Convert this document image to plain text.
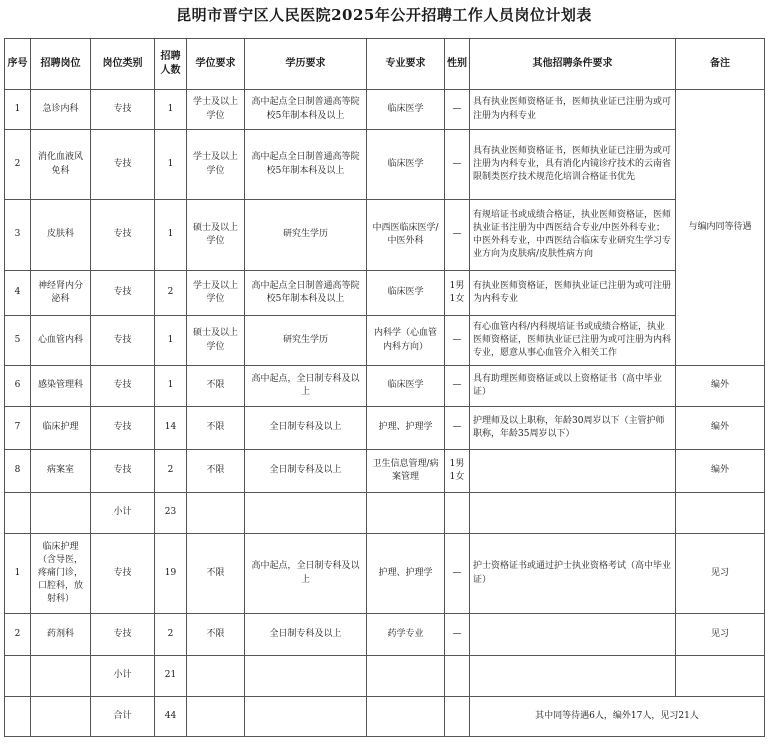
昆明市晋宁区人民医院2025年公开招聘工作人员岗位计划表
序号	招聘岗位	岗位类别	招聘人数	学位要求	学历要求	专业要求	性别	其他招聘条件要求	备注
1	急诊内科	专技	1	学士及以上学位	高中起点全日制普通高等院校5年制本科及以上	临床医学	—	具有执业医师资格证书，医师执业证已注册为或可注册为内科专业	与编内同等待遇
2	消化血液风免科	专技	1	学士及以上学位	高中起点全日制普通高等院校5年制本科及以上	临床医学	—	具有执业医师资格证书，医师执业证已注册为或可注册为内科专业，具有消化内镜诊疗技术的云南省限制类医疗技术规范化培训合格证书优先	
3	皮肤科	专技	1	硕士及以上学位	研究生学历	中西医临床医学/中医外科	—	有规培证书或成绩合格证，执业医师资格证，医师执业证书注册为中西医结合专业/中医外科专业；中医外科专业，中西医结合临床专业研究生学习专业方向为皮肤病/皮肤性病方向	
4	神经肾内分泌科	专技	2	学士及以上学位	高中起点全日制普通高等院校5年制本科及以上	临床医学	1男1女	有执业医师资格证，医师执业证已注册为或可注册为内科专业	
5	心血管内科	专技	1	硕士及以上学位	研究生学历	内科学（心血管内科方向）	—	有心血管内科/内科规培证书或成绩合格证，执业医师资格证，医师执业证已注册为或可注册为内科专业，愿意从事心血管介入相关工作	
6	感染管理科	专技	1	不限	高中起点，全日制专科及以上	临床医学	—	具有助理医师资格证或以上资格证书（高中毕业证）	编外
7	临床护理	专技	14	不限	全日制专科及以上	护理、护理学	—	护理师及以上职称，年龄30周岁以下（主管护师职称，年龄35周岁以下）	编外
8	病案室	专技	2	不限	全日制专科及以上	卫生信息管理/病案管理	1男1女		编外
		小计	23						
1	临床护理（含导医，疼痛门诊，口腔科，放射科）	专技	19	不限	高中起点，全日制专科及以上	护理、护理学	—	护士资格证书或通过护士执业资格考试（高中毕业证）	见习
2	药剂科	专技	2	不限	全日制专科及以上	药学专业	—		见习
		小计	21						
		合计	44					其中同等待遇6人，编外17人，见习21人	
